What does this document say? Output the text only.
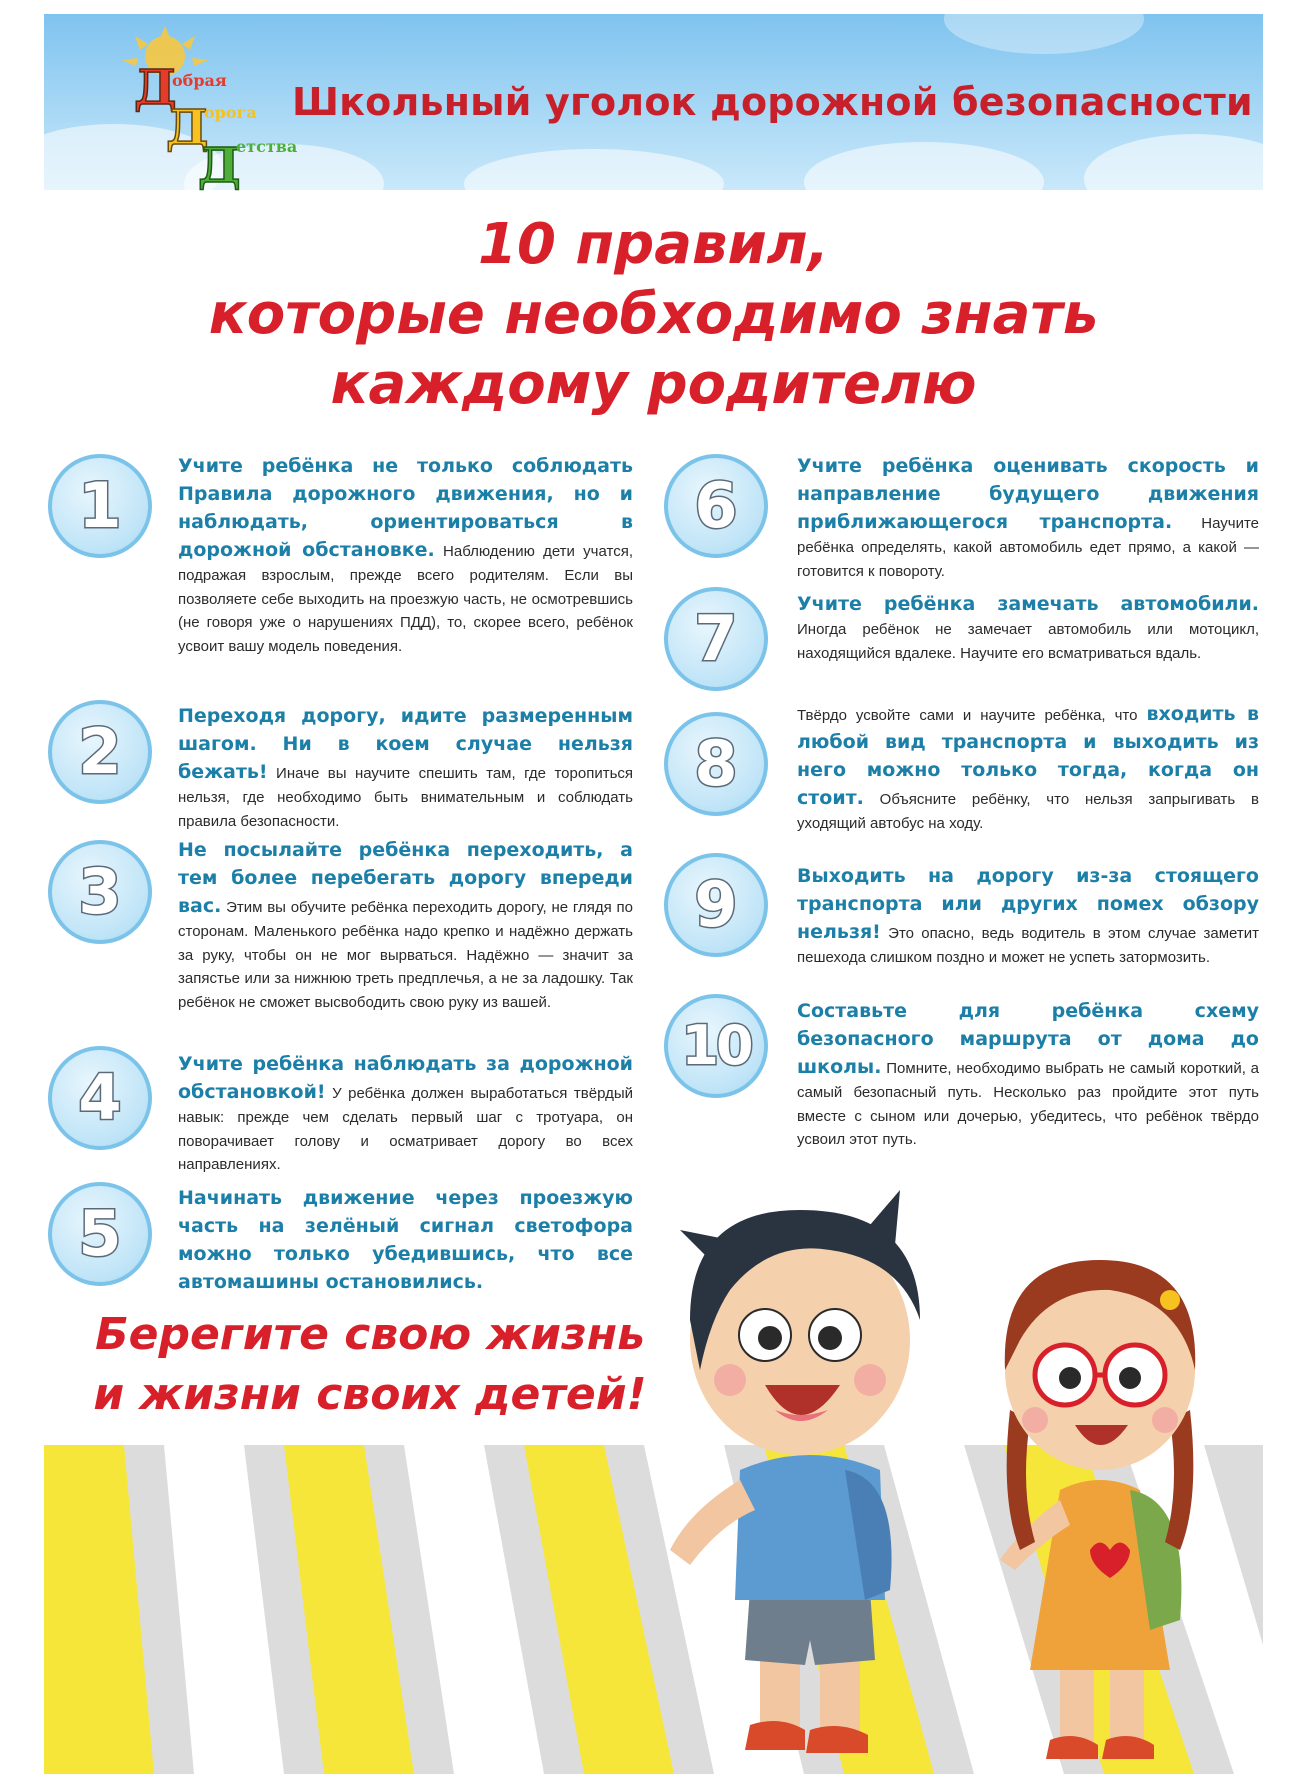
Д
обрая
Д
орога
Д
етства
Школьный уголок дорожной безопасности
10 правил,
которые необходимо знать
каждому родителю
1
Учите ребёнка не только соблюдать Правила дорожного движения, но и наблюдать, ориентироваться в дорожной обстановке. Наблюдению дети учатся, подражая взрослым, прежде всего родителям. Если вы позволяете себе выходить на проезжую часть, не осмотревшись (не говоря уже о нарушениях ПДД), то, скорее всего, ребёнок усвоит вашу модель поведения.
2	Переходя дорогу, идите размеренным шагом. Ни в коем случае нельзя бежать! Иначе вы научите спешить там, где торопиться нельзя, где необходимо быть внимательным и соблюдать правила безопасности.
3
Не посылайте ребёнка переходить, а тем более перебегать дорогу впереди вас. Этим вы обучите ребёнка переходить дорогу, не глядя по сторонам. Маленького ребёнка надо крепко и надёжно держать за руку, чтобы он не мог вырваться. Надёжно — значит за запястье или за нижнюю треть предплечья, а не за ладошку. Так ребёнок не сможет высвободить свою руку из вашей.
4	Учите ребёнка наблюдать за дорожной обстановкой! У ребёнка должен выработаться твёрдый навык: прежде чем сделать первый шаг с тротуара, он поворачивает голову и осматривает дорогу во всех направлениях.
5	Начинать движение через проезжую часть на зелёный сигнал светофора можно только убедившись, что все автомашины остановились.
6
Учите ребёнка оценивать скорость и направление будущего движения приближающегося транспорта. Научите ребёнка определять, какой автомобиль едет прямо, а какой — готовится к повороту.
7	Учите ребёнка замечать автомобили. Иногда ребёнок не замечает автомобиль или мотоцикл, находящийся вдалеке. Научите его всматриваться вдаль.
8
Твёрдо усвойте сами и научите ребёнка, что входить в любой вид транспорта и выходить из него можно только тогда, когда он стоит. Объясните ребёнку, что нельзя запрыгивать в уходящий автобус на ходу.
9	Выходить на дорогу из-за стоящего транспорта или других помех обзору нельзя! Это опасно, ведь водитель в этом случае заметит пешехода слишком поздно и может не успеть затормозить.
10
Составьте для ребёнка схему безопасного маршрута от дома до школы. Помните, необходимо выбрать не самый короткий, а самый безопасный путь. Несколько раз пройдите этот путь вместе с сыном или дочерью, убедитесь, что ребёнок твёрдо усвоил этот путь.
Берегите свою жизнь
и жизни своих детей!
